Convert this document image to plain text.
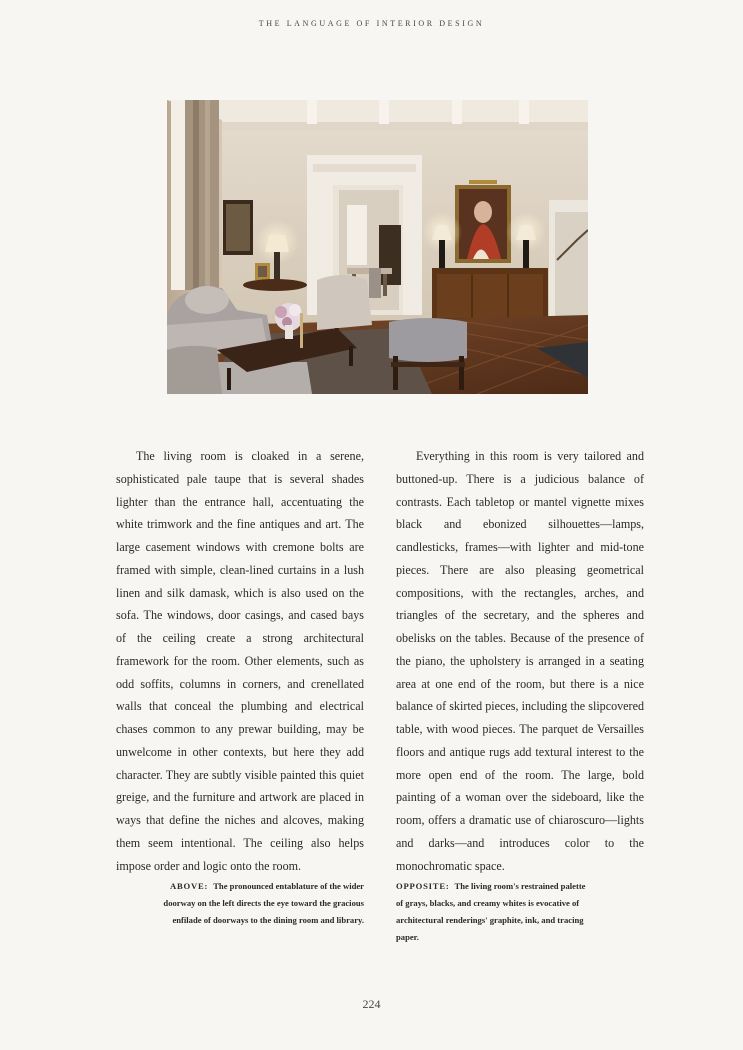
THE LANGUAGE OF INTERIOR DESIGN

The living room is cloaked in a serene, sophisticated pale taupe that is several shades lighter than the entrance hall, accentuating the white trimwork and the fine antiques and art. The large casement windows with cremone bolts are framed with simple, clean-lined curtains in a lush linen and silk damask, which is also used on the sofa. The windows, door casings, and cased bays of the ceiling create a strong architectural framework for the room. Other elements, such as odd soffits, columns in corners, and crenellated walls that conceal the plumbing and electrical chases common to any prewar building, may be unwelcome in other contexts, but here they add character. They are subtly visible painted this quiet greige, and the furniture and artwork are placed in ways that define the niches and alcoves, making them seem intentional. The ceiling also helps impose order and logic onto the room.

Everything in this room is very tailored and buttoned-up. There is a judicious balance of contrasts. Each tabletop or mantel vignette mixes black and ebonized silhouettes—lamps, candlesticks, frames—with lighter and mid-tone pieces. There are also pleasing geometrical compositions, with the rectangles, arches, and triangles of the secretary, and the spheres and obelisks on the tables. Because of the presence of the piano, the upholstery is arranged in a seating area at one end of the room, but there is a nice balance of skirted pieces, including the slipcovered table, with wood pieces. The parquet de Versailles floors and antique rugs add textural interest to the more open end of the room. The large, bold painting of a woman over the sideboard, like the room, offers a dramatic use of chiaroscuro—lights and darks—and introduces color to the monochromatic space.

ABOVE: The pronounced entablature of the wider doorway on the left directs the eye toward the gracious enfilade of doorways to the dining room and library.
OPPOSITE: The living room's restrained palette of grays, blacks, and creamy whites is evocative of architectural renderings' graphite, ink, and tracing paper.
224
